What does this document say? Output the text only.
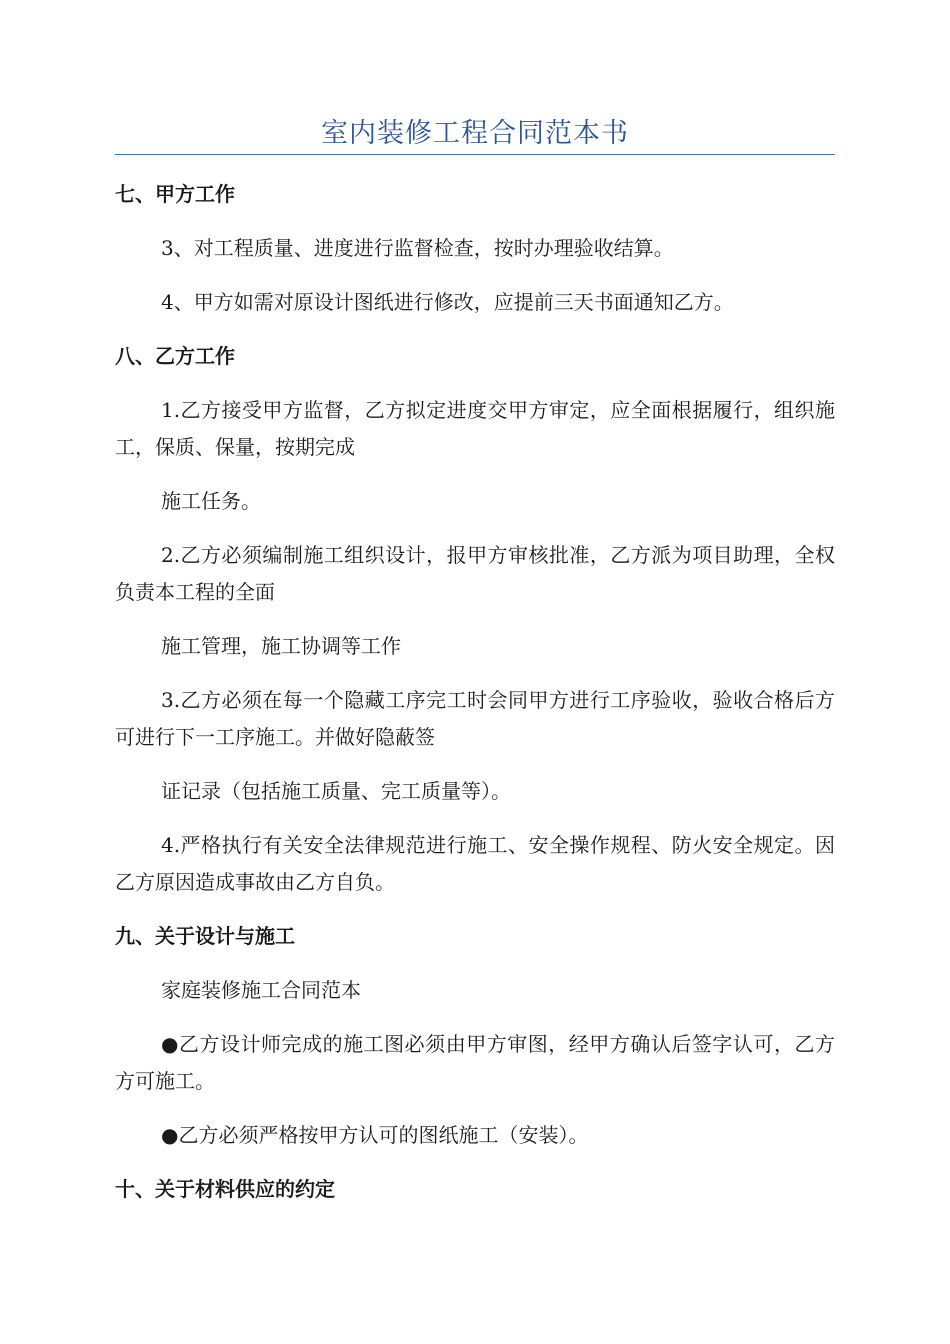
室内装修工程合同范本书
七、甲方工作
3、对工程质量、进度进行监督检查，按时办理验收结算。
4、甲方如需对原设计图纸进行修改，应提前三天书面通知乙方。
八、乙方工作
1.乙方接受甲方监督，乙方拟定进度交甲方审定，应全面根据履行，组织施工，保质、保量，按期完成
施工任务。
2.乙方必须编制施工组织设计，报甲方审核批准，乙方派为项目助理，全权负责本工程的全面
施工管理，施工协调等工作
3.乙方必须在每一个隐藏工序完工时会同甲方进行工序验收，验收合格后方可进行下一工序施工。并做好隐蔽签
证记录（包括施工质量、完工质量等）。
4.严格执行有关安全法律规范进行施工、安全操作规程、防火安全规定。因乙方原因造成事故由乙方自负。
九、关于设计与施工
家庭装修施工合同范本
●乙方设计师完成的施工图必须由甲方审图，经甲方确认后签字认可，乙方方可施工。
●乙方必须严格按甲方认可的图纸施工（安装）。
十、关于材料供应的约定
